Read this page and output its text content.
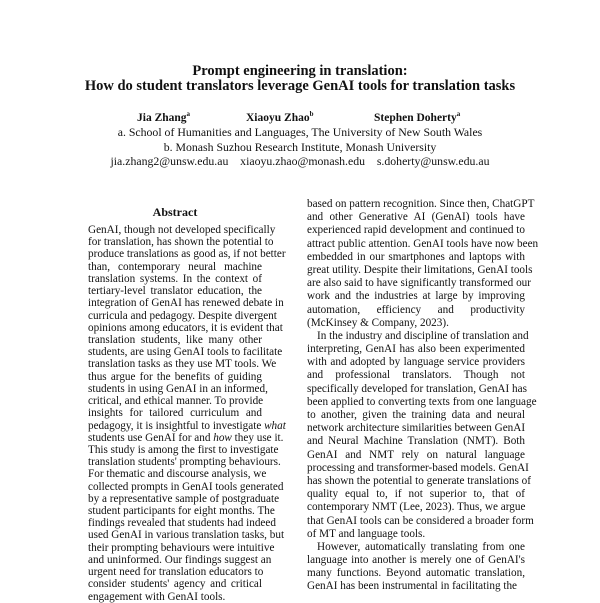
Prompt engineering in translation:
How do student translators leverage GenAI tools for translation tasks
Jia Zhang$^a$	Xiaoyu Zhao$^b$	Stephen Doherty$^a$
a. School of Humanities and Languages, The University of New South Wales
b. Monash Suzhou Research Institute, Monash University
jia.zhang2@unsw.edu.au    xiaoyu.zhao@monash.edu    s.doherty@unsw.edu.au
Abstract
GenAI, though not developed specifically
for translation, has shown the potential to
produce translations as good as, if not better
than, contemporary neural machine
translation systems. In the context of
tertiary-level translator education, the
integration of GenAI has renewed debate in
curricula and pedagogy. Despite divergent
opinions among educators, it is evident that
translation students, like many other
students, are using GenAI tools to facilitate
translation tasks as they use MT tools. We
thus argue for the benefits of guiding
students in using GenAI in an informed,
critical, and ethical manner. To provide
insights for tailored curriculum and
pedagogy, it is insightful to investigate what
students use GenAI for and how they use it.
This study is among the first to investigate
translation students' prompting behaviours.
For thematic and discourse analysis, we
collected prompts in GenAI tools generated
by a representative sample of postgraduate
student participants for eight months. The
findings revealed that students had indeed
used GenAI in various translation tasks, but
their prompting behaviours were intuitive
and uninformed. Our findings suggest an
urgent need for translation educators to
consider students' agency and critical
engagement with GenAI tools.
based on pattern recognition. Since then, ChatGPT
and other Generative AI (GenAI) tools have
experienced rapid development and continued to
attract public attention. GenAI tools have now been
embedded in our smartphones and laptops with
great utility. Despite their limitations, GenAI tools
are also said to have significantly transformed our
work and the industries at large by improving
automation, efficiency and productivity
(McKinsey & Company, 2023).
In the industry and discipline of translation and
interpreting, GenAI has also been experimented
with and adopted by language service providers
and professional translators. Though not
specifically developed for translation, GenAI has
been applied to converting texts from one language
to another, given the training data and neural
network architecture similarities between GenAI
and Neural Machine Translation (NMT). Both
GenAI and NMT rely on natural language
processing and transformer-based models. GenAI
has shown the potential to generate translations of
quality equal to, if not superior to, that of
contemporary NMT (Lee, 2023). Thus, we argue
that GenAI tools can be considered a broader form
of MT and language tools.
However, automatically translating from one
language into another is merely one of GenAI's
many functions. Beyond automatic translation,
GenAI has been instrumental in facilitating the
